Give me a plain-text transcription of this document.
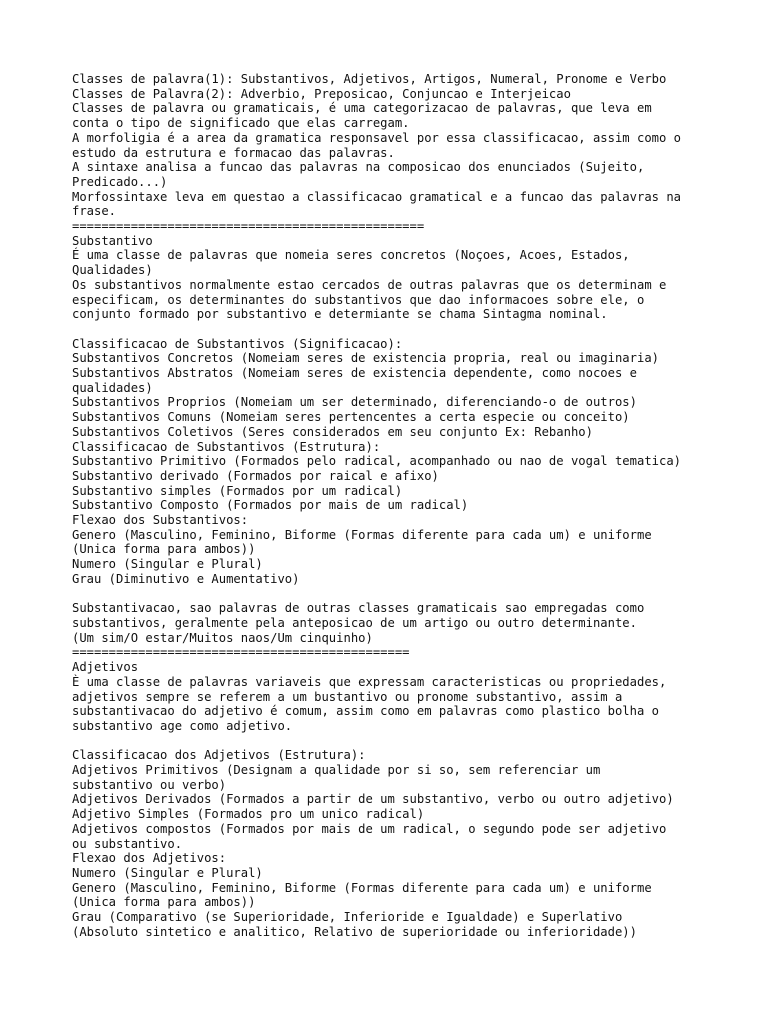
Classes de palavra(1): Substantivos, Adjetivos, Artigos, Numeral, Pronome e Verbo
Classes de Palavra(2): Adverbio, Preposicao, Conjuncao e Interjeicao
Classes de palavra ou gramaticais, é uma categorizacao de palavras, que leva em
conta o tipo de significado que elas carregam.
A morfoligia é a area da gramatica responsavel por essa classificacao, assim como o
estudo da estrutura e formacao das palavras.
A sintaxe analisa a funcao das palavras na composicao dos enunciados (Sujeito,
Predicado...)
Morfossintaxe leva em questao a classificacao gramatical e a funcao das palavras na
frase.
================================================
Substantivo
É uma classe de palavras que nomeia seres concretos (Noçoes, Acoes, Estados,
Qualidades)
Os substantivos normalmente estao cercados de outras palavras que os determinam e
especificam, os determinantes do substantivos que dao informacoes sobre ele, o
conjunto formado por substantivo e determiante se chama Sintagma nominal.
Classificacao de Substantivos (Significacao):
Substantivos Concretos (Nomeiam seres de existencia propria, real ou imaginaria)
Substantivos Abstratos (Nomeiam seres de existencia dependente, como nocoes e
qualidades)
Substantivos Proprios (Nomeiam um ser determinado, diferenciando-o de outros)
Substantivos Comuns (Nomeiam seres pertencentes a certa especie ou conceito)
Substantivos Coletivos (Seres considerados em seu conjunto Ex: Rebanho)
Classificacao de Substantivos (Estrutura):
Substantivo Primitivo (Formados pelo radical, acompanhado ou nao de vogal tematica)
Substantivo derivado (Formados por raical e afixo)
Substantivo simples (Formados por um radical)
Substantivo Composto (Formados por mais de um radical)
Flexao dos Substantivos:
Genero (Masculino, Feminino, Biforme (Formas diferente para cada um) e uniforme
(Unica forma para ambos))
Numero (Singular e Plural)
Grau (Diminutivo e Aumentativo)
Substantivacao, sao palavras de outras classes gramaticais sao empregadas como
substantivos, geralmente pela anteposicao de um artigo ou outro determinante.
(Um sim/O estar/Muitos naos/Um cinquinho)
==============================================
Adjetivos
È uma classe de palavras variaveis que expressam caracteristicas ou propriedades,
adjetivos sempre se referem a um bustantivo ou pronome substantivo, assim a
substantivacao do adjetivo é comum, assim como em palavras como plastico bolha o
substantivo age como adjetivo.
Classificacao dos Adjetivos (Estrutura):
Adjetivos Primitivos (Designam a qualidade por si so, sem referenciar um
substantivo ou verbo)
Adjetivos Derivados (Formados a partir de um substantivo, verbo ou outro adjetivo)
Adjetivo Simples (Formados pro um unico radical)
Adjetivos compostos (Formados por mais de um radical, o segundo pode ser adjetivo
ou substantivo.
Flexao dos Adjetivos:
Numero (Singular e Plural)
Genero (Masculino, Feminino, Biforme (Formas diferente para cada um) e uniforme
(Unica forma para ambos))
Grau (Comparativo (se Superioridade, Inferioride e Igualdade) e Superlativo
(Absoluto sintetico e analitico, Relativo de superioridade ou inferioridade))
